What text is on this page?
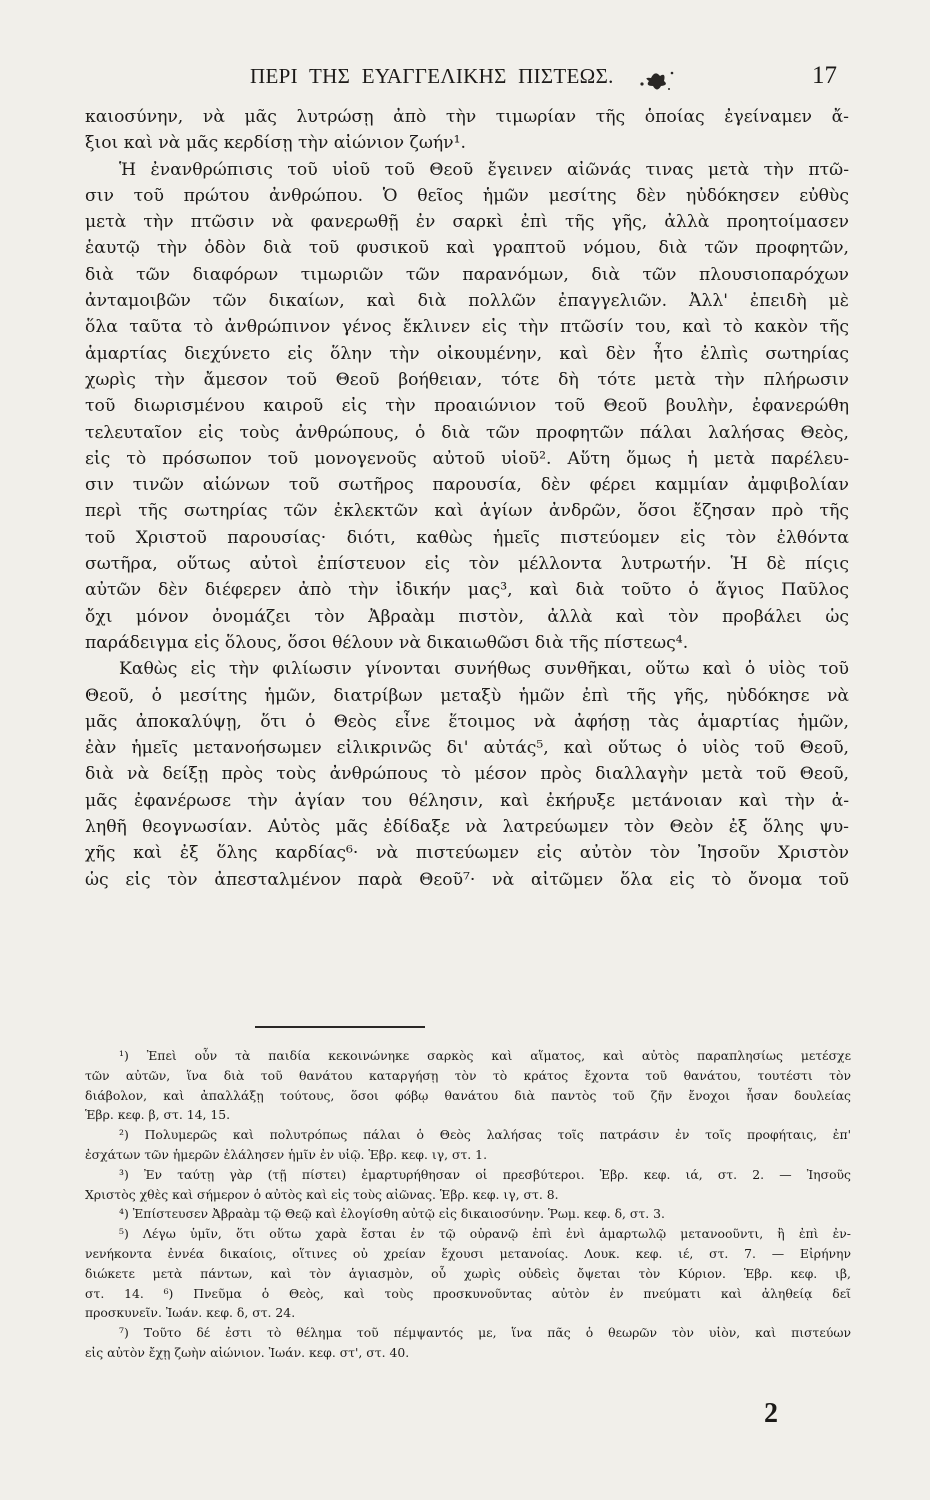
ΠΕΡΙ ΤΗΣ ΕΥΑΓΓΕΛΙΚΗΣ ΠΙΣΤΕΩΣ.	17
καιοσύνην, νὰ μᾶς λυτρώσῃ ἀπὸ τὴν τιμωρίαν τῆς ὁποίας ἐγείναμεν ἄ-
ξιοι καὶ νὰ μᾶς κερδίσῃ τὴν αἰώνιον ζωήν¹.
Ἡ ἐνανθρώπισις τοῦ υἱοῦ τοῦ Θεοῦ ἔγεινεν αἰῶνάς τινας μετὰ τὴν πτῶ-
σιν τοῦ πρώτου ἀνθρώπου. Ὁ θεῖος ἡμῶν μεσίτης δὲν ηὐδόκησεν εὐθὺς
μετὰ τὴν πτῶσιν νὰ φανερωθῇ ἐν σαρκὶ ἐπὶ τῆς γῆς, ἀλλὰ προητοίμασεν
ἑαυτῷ τὴν ὁδὸν διὰ τοῦ φυσικοῦ καὶ γραπτοῦ νόμου, διὰ τῶν προφητῶν,
διὰ τῶν διαφόρων τιμωριῶν τῶν παρανόμων, διὰ τῶν πλουσιοπαρόχων
ἀνταμοιβῶν τῶν δικαίων, καὶ διὰ πολλῶν ἐπαγγελιῶν. Ἀλλ' ἐπειδὴ μὲ
ὅλα ταῦτα τὸ ἀνθρώπινον γένος ἔκλινεν εἰς τὴν πτῶσίν του, καὶ τὸ κακὸν τῆς
ἁμαρτίας διεχύνετο εἰς ὅλην τὴν οἰκουμένην, καὶ δὲν ἦτο ἐλπὶς σωτηρίας
χωρὶς τὴν ἄμεσον τοῦ Θεοῦ βοήθειαν, τότε δὴ τότε μετὰ τὴν πλήρωσιν
τοῦ διωρισμένου καιροῦ εἰς τὴν προαιώνιον τοῦ Θεοῦ βουλὴν, ἐφανερώθη
τελευταῖον εἰς τοὺς ἀνθρώπους, ὁ διὰ τῶν προφητῶν πάλαι λαλήσας Θεὸς,
εἰς τὸ πρόσωπον τοῦ μονογενοῦς αὐτοῦ υἱοῦ². Αὕτη ὅμως ἡ μετὰ παρέλευ-
σιν τινῶν αἰώνων τοῦ σωτῆρος παρουσία, δὲν φέρει καμμίαν ἀμφιβολίαν
περὶ τῆς σωτηρίας τῶν ἐκλεκτῶν καὶ ἁγίων ἀνδρῶν, ὅσοι ἔζησαν πρὸ τῆς
τοῦ Χριστοῦ παρουσίας· διότι, καθὼς ἡμεῖς πιστεύομεν εἰς τὸν ἐλθόντα
σωτῆρα, οὕτως αὐτοὶ ἐπίστευον εἰς τὸν μέλλοντα λυτρωτήν. Ἡ δὲ πίςις
αὐτῶν δὲν διέφερεν ἀπὸ τὴν ἰδικήν μας³, καὶ διὰ τοῦτο ὁ ἅγιος Παῦλος
ὄχι μόνον ὀνομάζει τὸν Ἀβραὰμ πιστὸν, ἀλλὰ καὶ τὸν προβάλει ὡς
παράδειγμα εἰς ὅλους, ὅσοι θέλουν νὰ δικαιωθῶσι διὰ τῆς πίστεως⁴.
Καθὼς εἰς τὴν φιλίωσιν γίνονται συνήθως συνθῆκαι, οὕτω καὶ ὁ υἱὸς τοῦ
Θεοῦ, ὁ μεσίτης ἡμῶν, διατρίβων μεταξὺ ἡμῶν ἐπὶ τῆς γῆς, ηὐδόκησε νὰ
μᾶς ἀποκαλύψῃ, ὅτι ὁ Θεὸς εἶνε ἕτοιμος νὰ ἀφήσῃ τὰς ἁμαρτίας ἡμῶν,
ἐὰν ἡμεῖς μετανοήσωμεν εἰλικρινῶς δι' αὐτάς⁵, καὶ οὕτως ὁ υἱὸς τοῦ Θεοῦ,
διὰ νὰ δείξῃ πρὸς τοὺς ἀνθρώπους τὸ μέσον πρὸς διαλλαγὴν μετὰ τοῦ Θεοῦ,
μᾶς ἐφανέρωσε τὴν ἁγίαν του θέλησιν, καὶ ἐκήρυξε μετάνοιαν καὶ τὴν ἀ-
ληθῆ θεογνωσίαν. Αὐτὸς μᾶς ἐδίδαξε νὰ λατρεύωμεν τὸν Θεὸν ἐξ ὅλης ψυ-
χῆς καὶ ἐξ ὅλης καρδίας⁶· νὰ πιστεύωμεν εἰς αὐτὸν τὸν Ἰησοῦν Χριστὸν
ὡς εἰς τὸν ἀπεσταλμένον παρὰ Θεοῦ⁷· νὰ αἰτῶμεν ὅλα εἰς τὸ ὄνομα τοῦ
¹) Ἐπεὶ οὖν τὰ παιδία κεκοινώνηκε σαρκὸς καὶ αἵματος, καὶ αὐτὸς παραπλησίως μετέσχε
τῶν αὐτῶν, ἵνα διὰ τοῦ θανάτου καταργήσῃ τὸν τὸ κράτος ἔχοντα τοῦ θανάτου, τουτέστι τὸν
διάβολον, καὶ ἀπαλλάξῃ τούτους, ὅσοι φόβῳ θανάτου διὰ παντὸς τοῦ ζῆν ἔνοχοι ἦσαν δουλείας
Ἑβρ. κεφ. β, στ. 14, 15.
²) Πολυμερῶς καὶ πολυτρόπως πάλαι ὁ Θεὸς λαλήσας τοῖς πατράσιν ἐν τοῖς προφήταις, ἐπ'
ἐσχάτων τῶν ἡμερῶν ἐλάλησεν ἡμῖν ἐν υἱῷ. Ἑβρ. κεφ. ιγ, στ. 1.
³) Ἐν ταύτῃ γὰρ (τῇ πίστει) ἐμαρτυρήθησαν οἱ πρεσβύτεροι. Ἑβρ. κεφ. ιά, στ. 2. — Ἰησοῦς
Χριστὸς χθὲς καὶ σήμερον ὁ αὐτὸς καὶ εἰς τοὺς αἰῶνας. Ἑβρ. κεφ. ιγ, στ. 8.
⁴) Ἐπίστευσεν Ἀβραὰμ τῷ Θεῷ καὶ ἐλογίσθη αὐτῷ εἰς δικαιοσύνην. Ῥωμ. κεφ. δ, στ. 3.
⁵) Λέγω ὑμῖν, ὅτι οὕτω χαρὰ ἔσται ἐν τῷ οὐρανῷ ἐπὶ ἑνὶ ἁμαρτωλῷ μετανοοῦντι, ἢ ἐπὶ ἐν-
νενήκοντα ἐννέα δικαίοις, οἵτινες οὐ χρείαν ἔχουσι μετανοίας. Λουκ. κεφ. ιέ, στ. 7. — Εἰρήνην
διώκετε μετὰ πάντων, καὶ τὸν ἁγιασμὸν, οὗ χωρὶς οὐδεὶς ὄψεται τὸν Κύριον. Ἑβρ. κεφ. ιβ,
στ. 14. ⁶) Πνεῦμα ὁ Θεὸς, καὶ τοὺς προσκυνοῦντας αὐτὸν ἐν πνεύματι καὶ ἀληθείᾳ δεῖ
προσκυνεῖν. Ἰωάν. κεφ. δ, στ. 24.
⁷) Τοῦτο δέ ἐστι τὸ θέλημα τοῦ πέμψαντός με, ἵνα πᾶς ὁ θεωρῶν τὸν υἱὸν, καὶ πιστεύων
εἰς αὐτὸν ἔχῃ ζωὴν αἰώνιον. Ἰωάν. κεφ. στ', στ. 40.
2
